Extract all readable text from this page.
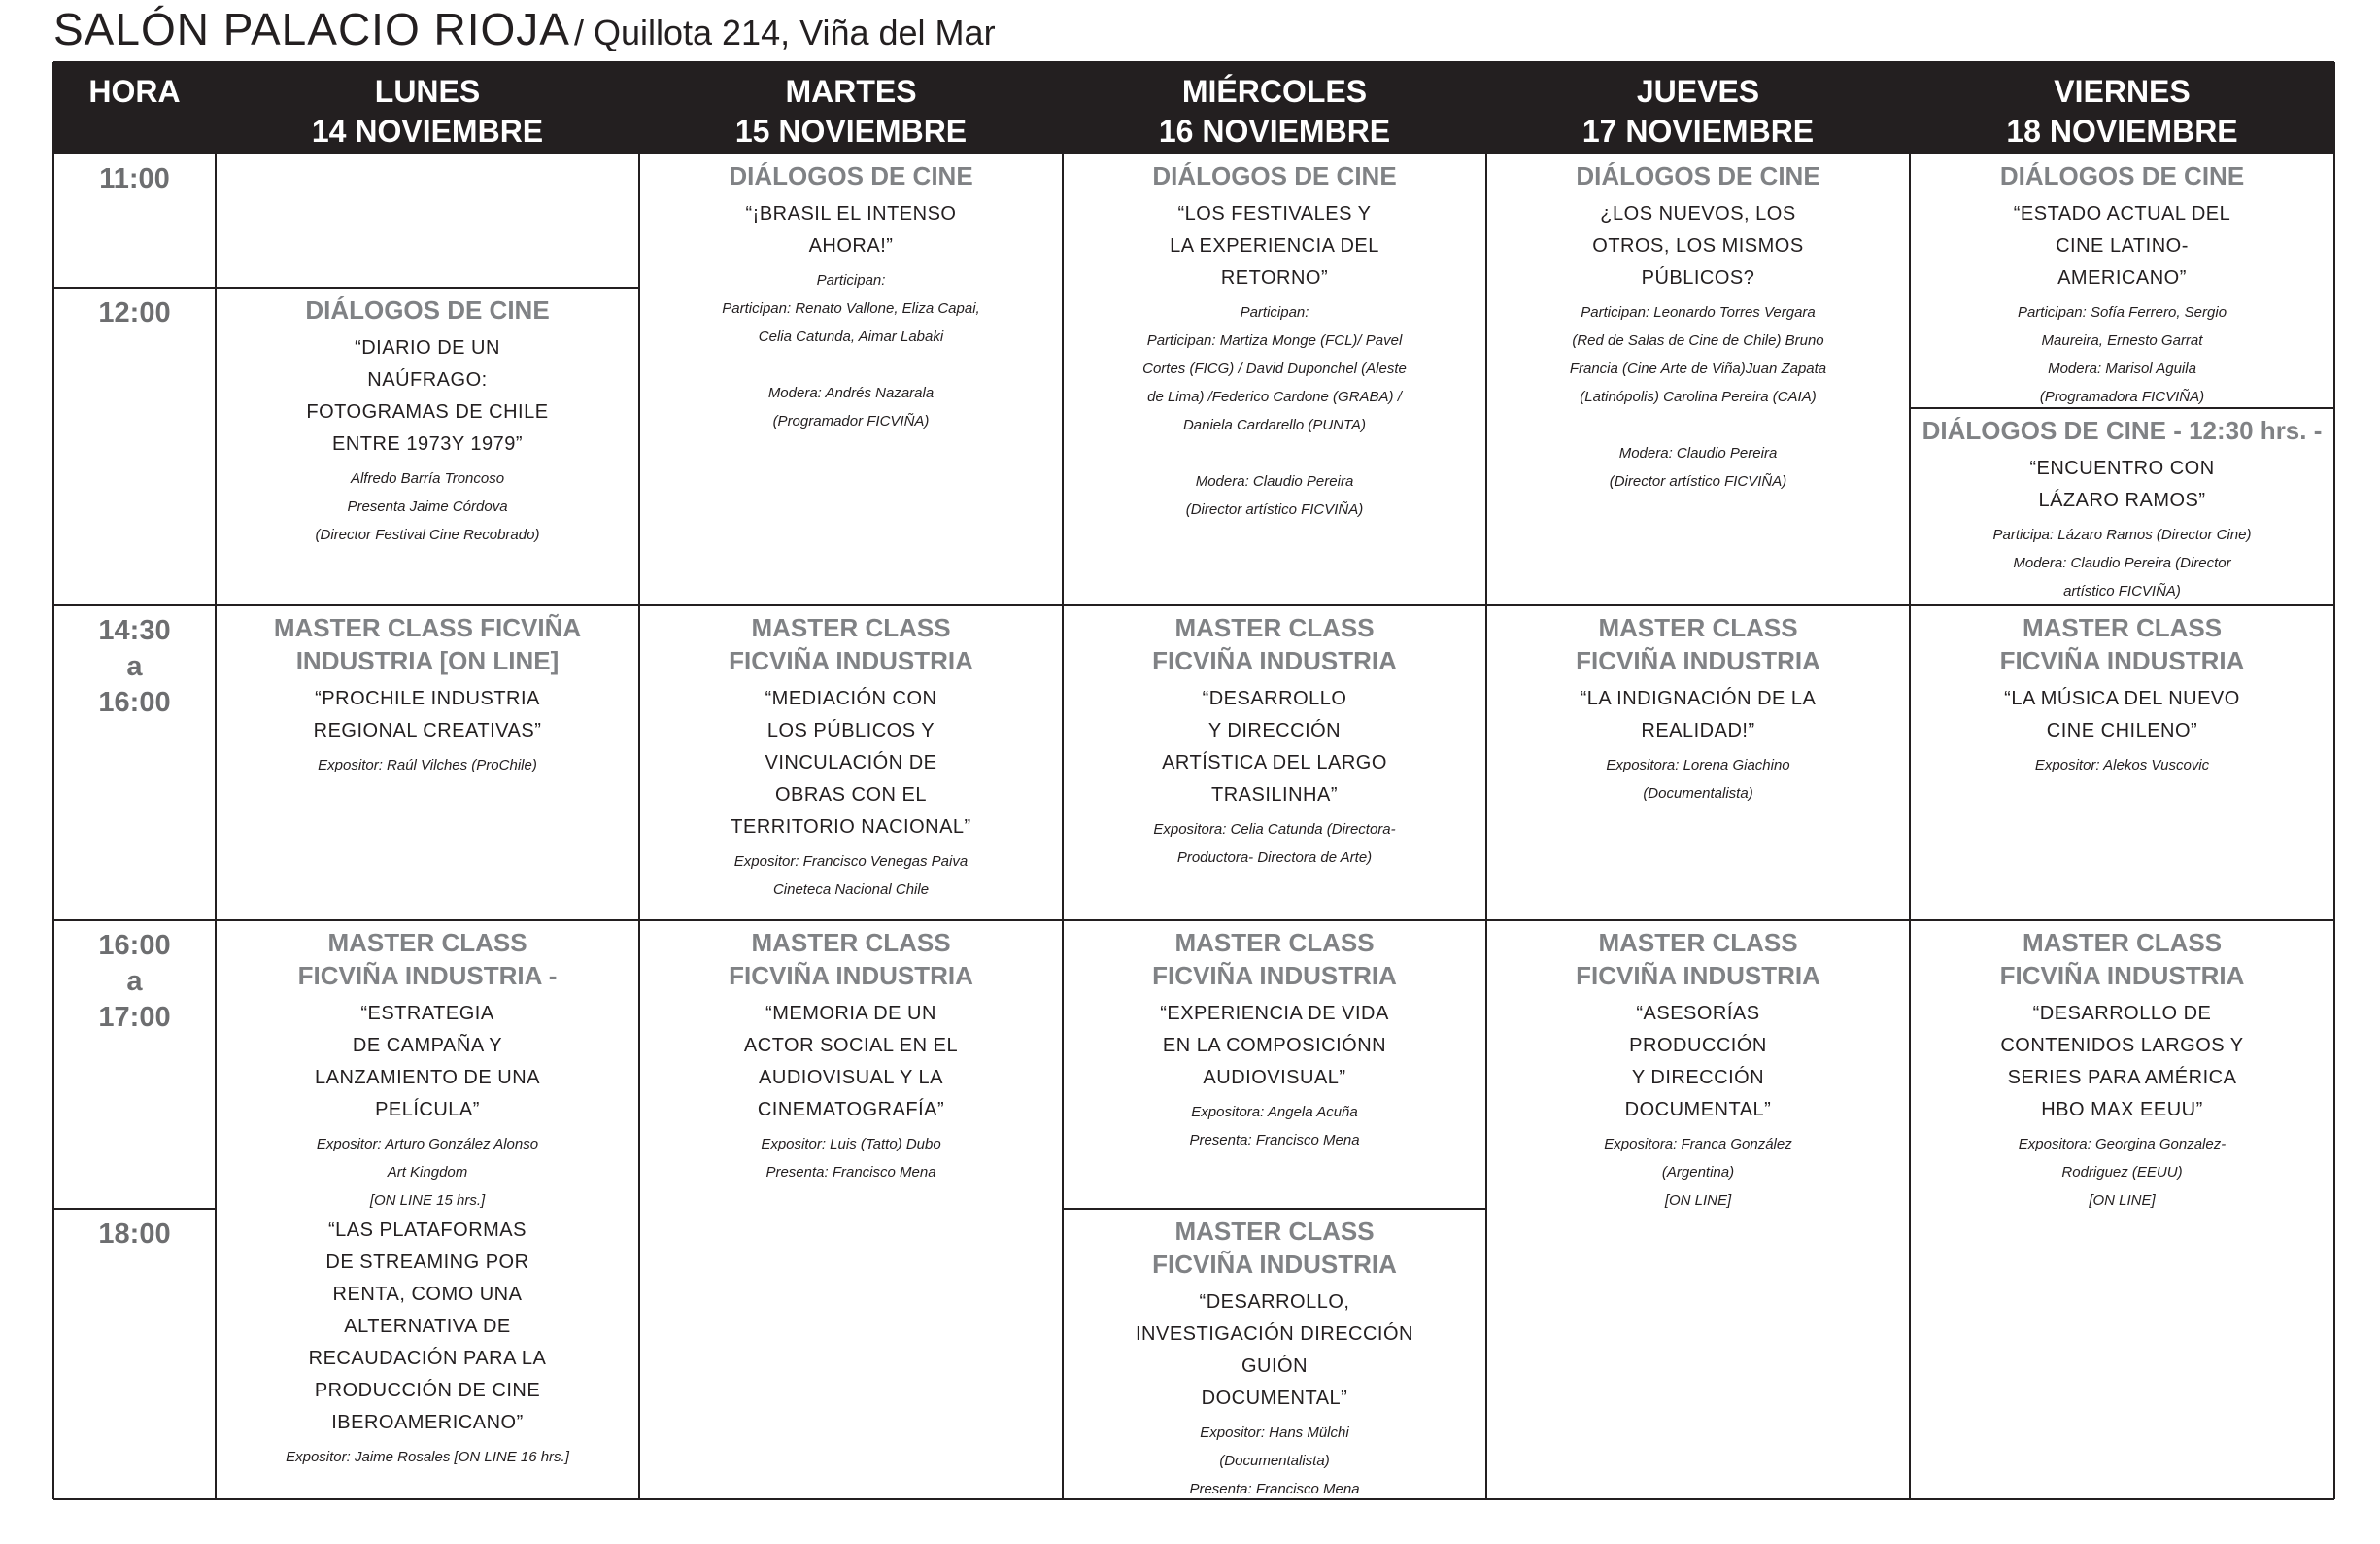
SALÓN PALACIO RIOJA / Quillota 214, Viña del Mar
HORA	LUNES
14 NOVIEMBRE
MARTES
15 NOVIEMBRE
MIÉRCOLES
16 NOVIEMBRE
JUEVES
17 NOVIEMBRE
VIERNES
18 NOVIEMBRE
11:00
12:00
14:30
a
16:00
16:00
a
17:00
18:00
DIÁLOGOS DE CINE
“DIARIO DE UN
NAÚFRAGO:
FOTOGRAMAS DE CHILE
ENTRE 1973Y 1979”
Alfredo Barría Troncoso
Presenta Jaime Córdova
(Director Festival Cine Recobrado)
DIÁLOGOS DE CINE
“¡BRASIL EL INTENSO
AHORA!”
Participan:
Participan: Renato Vallone, Eliza Capai,
Celia Catunda, Aimar Labaki
Modera: Andrés Nazarala
(Programador FICVIÑA)
DIÁLOGOS DE CINE
“LOS FESTIVALES Y
LA EXPERIENCIA DEL
RETORNO”
Participan:
Participan: Martiza Monge (FCL)/ Pavel
Cortes (FICG) / David Duponchel (Aleste
de Lima) /Federico Cardone (GRABA) /
Daniela Cardarello (PUNTA)
Modera: Claudio Pereira
(Director artístico FICVIÑA)
DIÁLOGOS DE CINE
¿LOS NUEVOS, LOS
OTROS, LOS MISMOS
PÚBLICOS?
Participan: Leonardo Torres Vergara
(Red de Salas de Cine de Chile) Bruno
Francia (Cine Arte de Viña)Juan Zapata
(Latinópolis) Carolina Pereira (CAIA)
Modera: Claudio Pereira
(Director artístico FICVIÑA)
DIÁLOGOS DE CINE
“ESTADO ACTUAL DEL
CINE LATINO-
AMERICANO”
Participan: Sofía Ferrero, Sergio
Maureira, Ernesto Garrat
Modera: Marisol Aguila
(Programadora FICVIÑA)
DIÁLOGOS DE CINE - 12:30 hrs. -
“ENCUENTRO CON
LÁZARO RAMOS”
Participa: Lázaro Ramos (Director Cine)
Modera: Claudio Pereira (Director
artístico FICVIÑA)
MASTER CLASS FICVIÑA
INDUSTRIA [ON LINE]
“PROCHILE INDUSTRIA
REGIONAL CREATIVAS”
Expositor: Raúl Vilches (ProChile)
MASTER CLASS
FICVIÑA INDUSTRIA
“MEDIACIÓN CON
LOS PÚBLICOS Y
VINCULACIÓN DE
OBRAS CON EL
TERRITORIO NACIONAL”
Expositor: Francisco Venegas Paiva
Cineteca Nacional Chile
MASTER CLASS
FICVIÑA INDUSTRIA
“DESARROLLO
Y DIRECCIÓN
ARTÍSTICA DEL LARGO
TRASILINHA”
Expositora: Celia Catunda (Directora-
Productora- Directora de Arte)
MASTER CLASS
FICVIÑA INDUSTRIA
“LA INDIGNACIÓN DE LA
REALIDAD!”
Expositora: Lorena Giachino
(Documentalista)
MASTER CLASS
FICVIÑA INDUSTRIA
“LA MÚSICA DEL NUEVO
CINE CHILENO”
Expositor: Alekos Vuscovic
MASTER CLASS
FICVIÑA INDUSTRIA -
“ESTRATEGIA
DE CAMPAÑA Y
LANZAMIENTO DE UNA
PELÍCULA”
Expositor: Arturo González Alonso
Art Kingdom
[ON LINE 15 hrs.]
“LAS PLATAFORMAS
DE STREAMING POR
RENTA, COMO UNA
ALTERNATIVA DE
RECAUDACIÓN PARA LA
PRODUCCIÓN DE CINE
IBEROAMERICANO”
Expositor: Jaime Rosales [ON LINE 16 hrs.]
MASTER CLASS
FICVIÑA INDUSTRIA
“MEMORIA DE UN
ACTOR SOCIAL EN EL
AUDIOVISUAL Y LA
CINEMATOGRAFÍA”
Expositor: Luis (Tatto) Dubo
Presenta: Francisco Mena
MASTER CLASS
FICVIÑA INDUSTRIA
“EXPERIENCIA DE VIDA
EN LA COMPOSICIÓNN
AUDIOVISUAL”
Expositora: Angela Acuña
Presenta: Francisco Mena
MASTER CLASS
FICVIÑA INDUSTRIA
“DESARROLLO,
INVESTIGACIÓN DIRECCIÓN
GUIÓN
DOCUMENTAL”
Expositor: Hans Mülchi
(Documentalista)
Presenta: Francisco Mena
MASTER CLASS
FICVIÑA INDUSTRIA
“ASESORÍAS
PRODUCCIÓN
Y DIRECCIÓN
DOCUMENTAL”
Expositora: Franca González
(Argentina)
[ON LINE]
MASTER CLASS
FICVIÑA INDUSTRIA
“DESARROLLO DE
CONTENIDOS LARGOS Y
SERIES PARA AMÉRICA
HBO MAX EEUU”
Expositora: Georgina Gonzalez-
Rodriguez (EEUU)
[ON LINE]
